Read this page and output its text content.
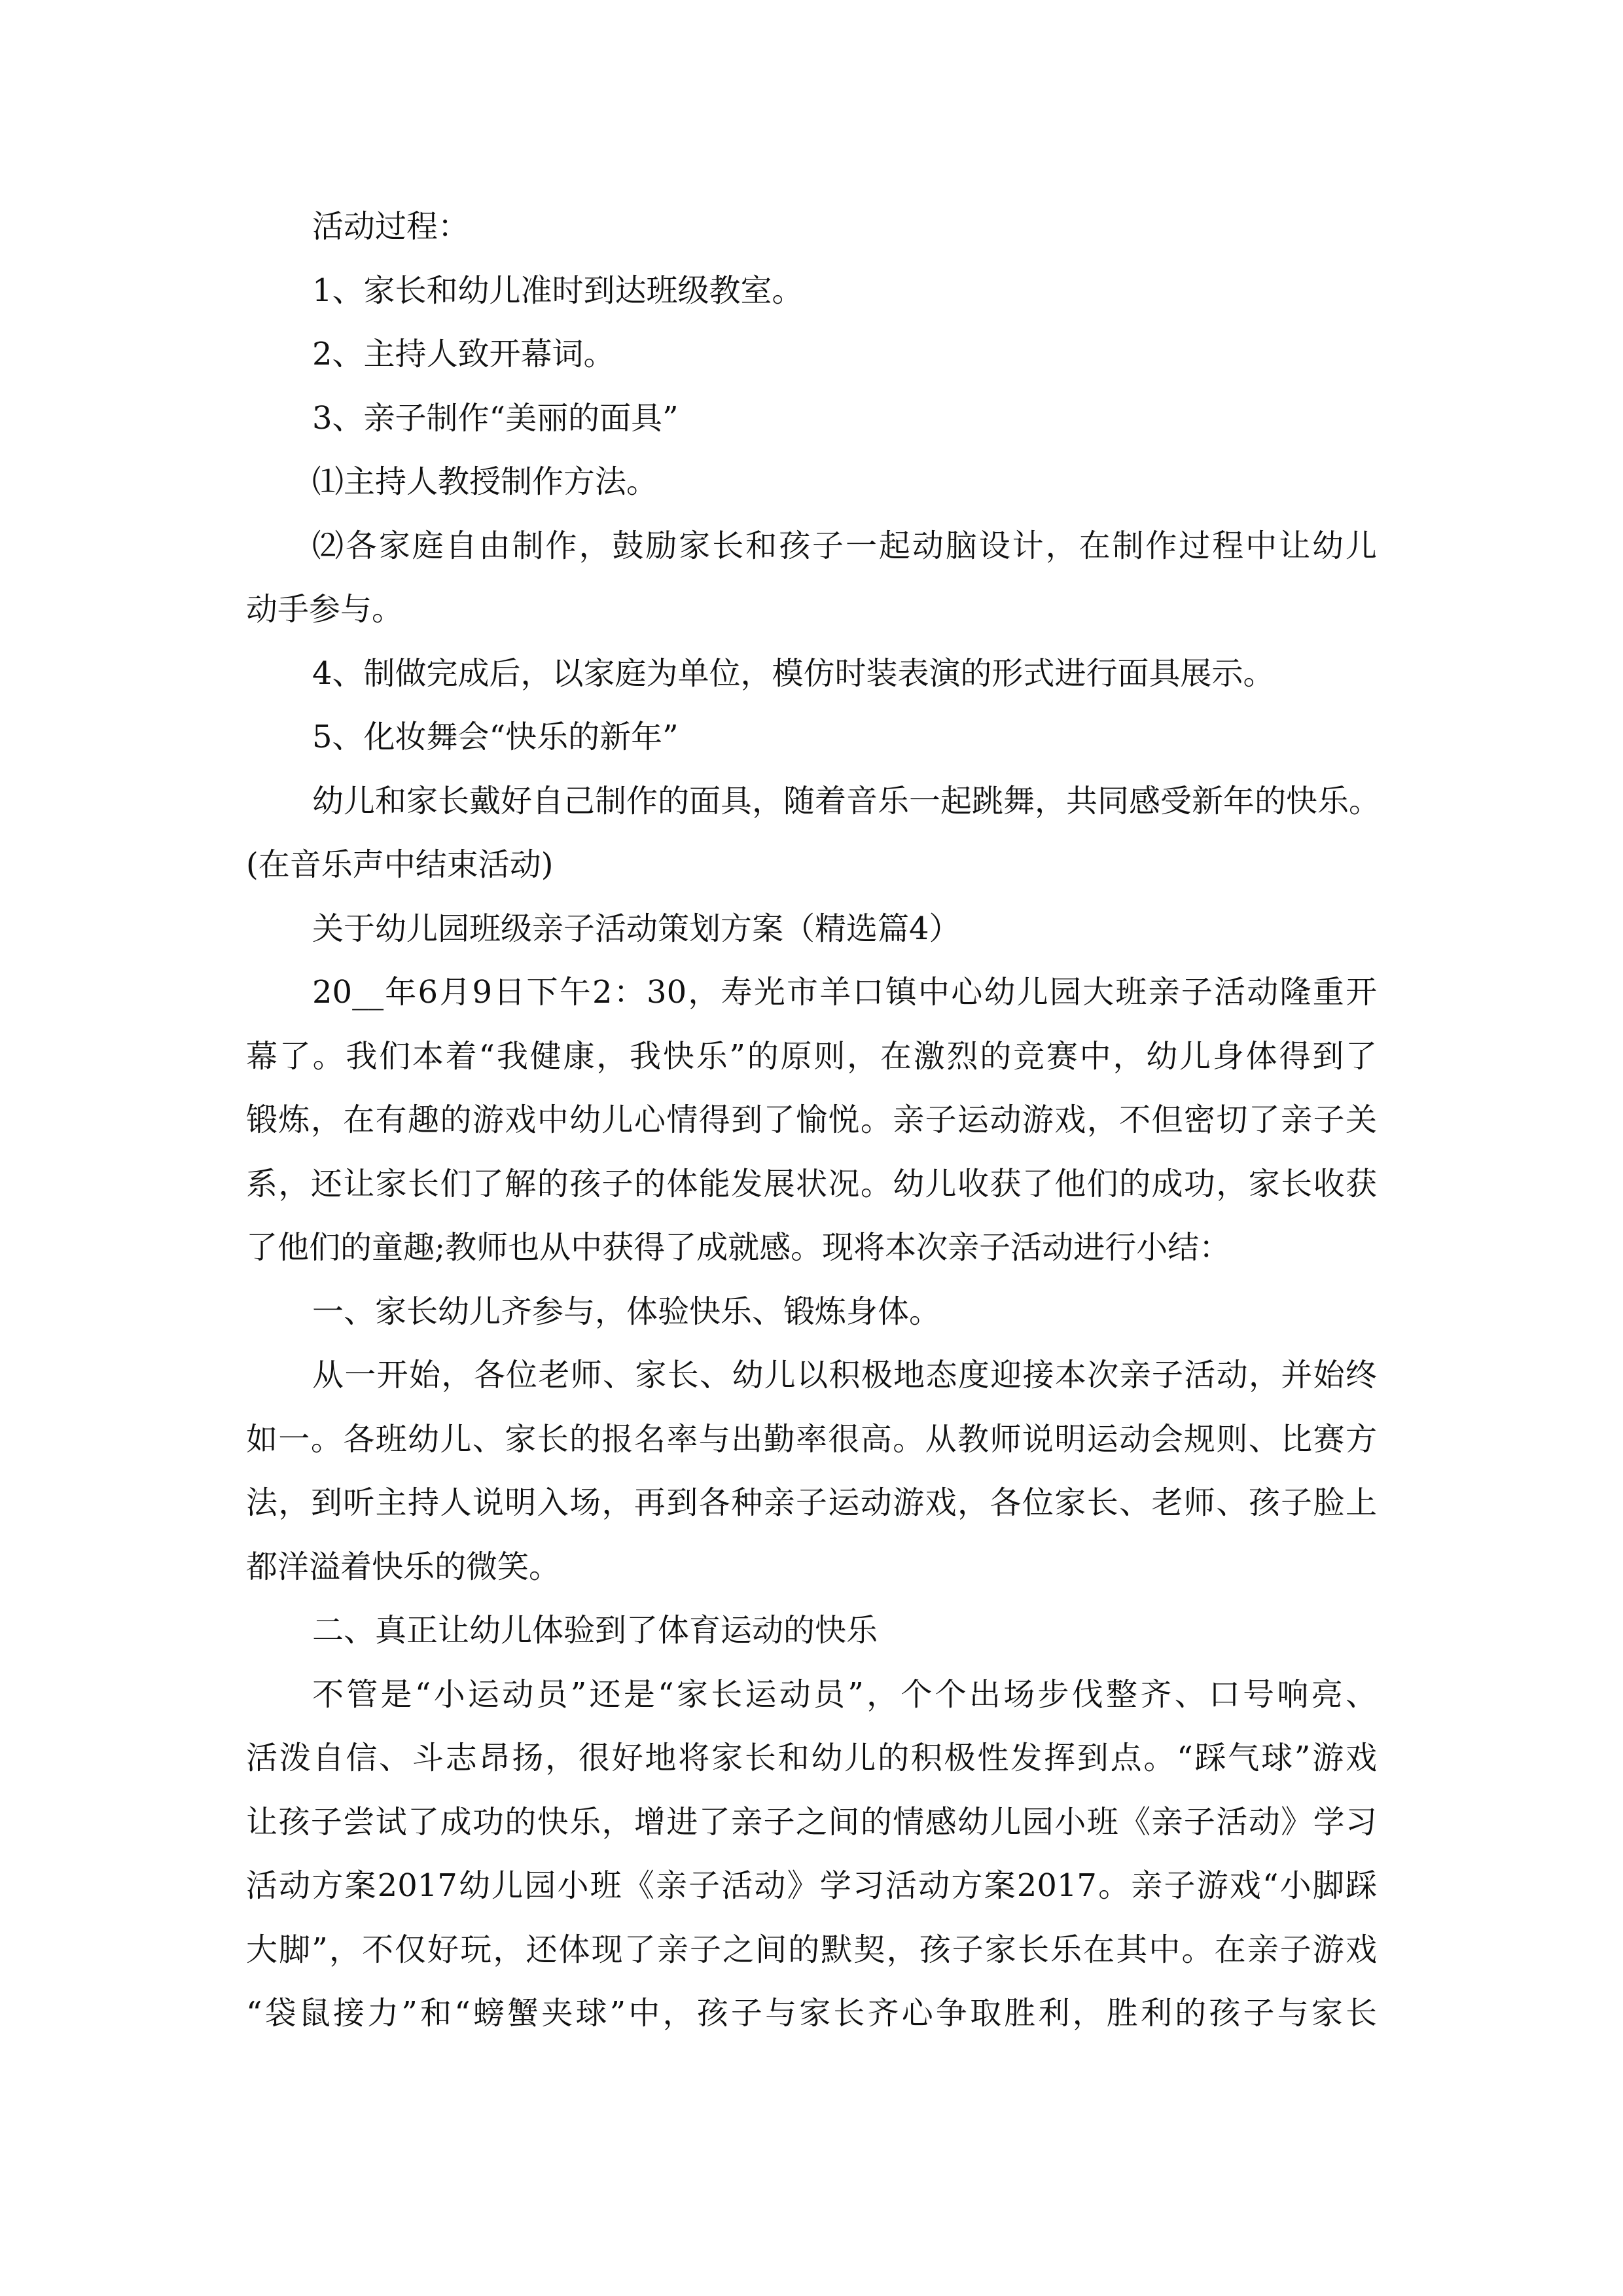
活动过程：
1、家长和幼儿准时到达班级教室。
2、主持人致开幕词。
3、亲子制作“美丽的面具”
⑴主持人教授制作方法。
⑵各家庭自由制作，鼓励家长和孩子一起动脑设计，在制作过程中让幼儿
动手参与。
4、制做完成后，以家庭为单位，模仿时装表演的形式进行面具展示。
5、化妆舞会“快乐的新年”
幼儿和家长戴好自己制作的面具，随着音乐一起跳舞，共同感受新年的快乐。
(在音乐声中结束活动)
关于幼儿园班级亲子活动策划方案（精选篇4）
20__年6月9日下午2：30，寿光市羊口镇中心幼儿园大班亲子活动隆重开
幕了。我们本着“我健康，我快乐”的原则，在激烈的竞赛中，幼儿身体得到了
锻炼，在有趣的游戏中幼儿心情得到了愉悦。亲子运动游戏，不但密切了亲子关
系，还让家长们了解的孩子的体能发展状况。幼儿收获了他们的成功，家长收获
了他们的童趣;教师也从中获得了成就感。现将本次亲子活动进行小结：
一、家长幼儿齐参与，体验快乐、锻炼身体。
从一开始，各位老师、家长、幼儿以积极地态度迎接本次亲子活动，并始终
如一。各班幼儿、家长的报名率与出勤率很高。从教师说明运动会规则、比赛方
法，到听主持人说明入场，再到各种亲子运动游戏，各位家长、老师、孩子脸上
都洋溢着快乐的微笑。
二、真正让幼儿体验到了体育运动的快乐
不管是“小运动员”还是“家长运动员”，个个出场步伐整齐、口号响亮、
活泼自信、斗志昂扬，很好地将家长和幼儿的积极性发挥到点。“踩气球”游戏
让孩子尝试了成功的快乐，增进了亲子之间的情感幼儿园小班《亲子活动》学习
活动方案2017幼儿园小班《亲子活动》学习活动方案2017。亲子游戏“小脚踩
大脚”，不仅好玩，还体现了亲子之间的默契，孩子家长乐在其中。在亲子游戏
“袋鼠接力”和“螃蟹夹球”中，孩子与家长齐心争取胜利，胜利的孩子与家长
